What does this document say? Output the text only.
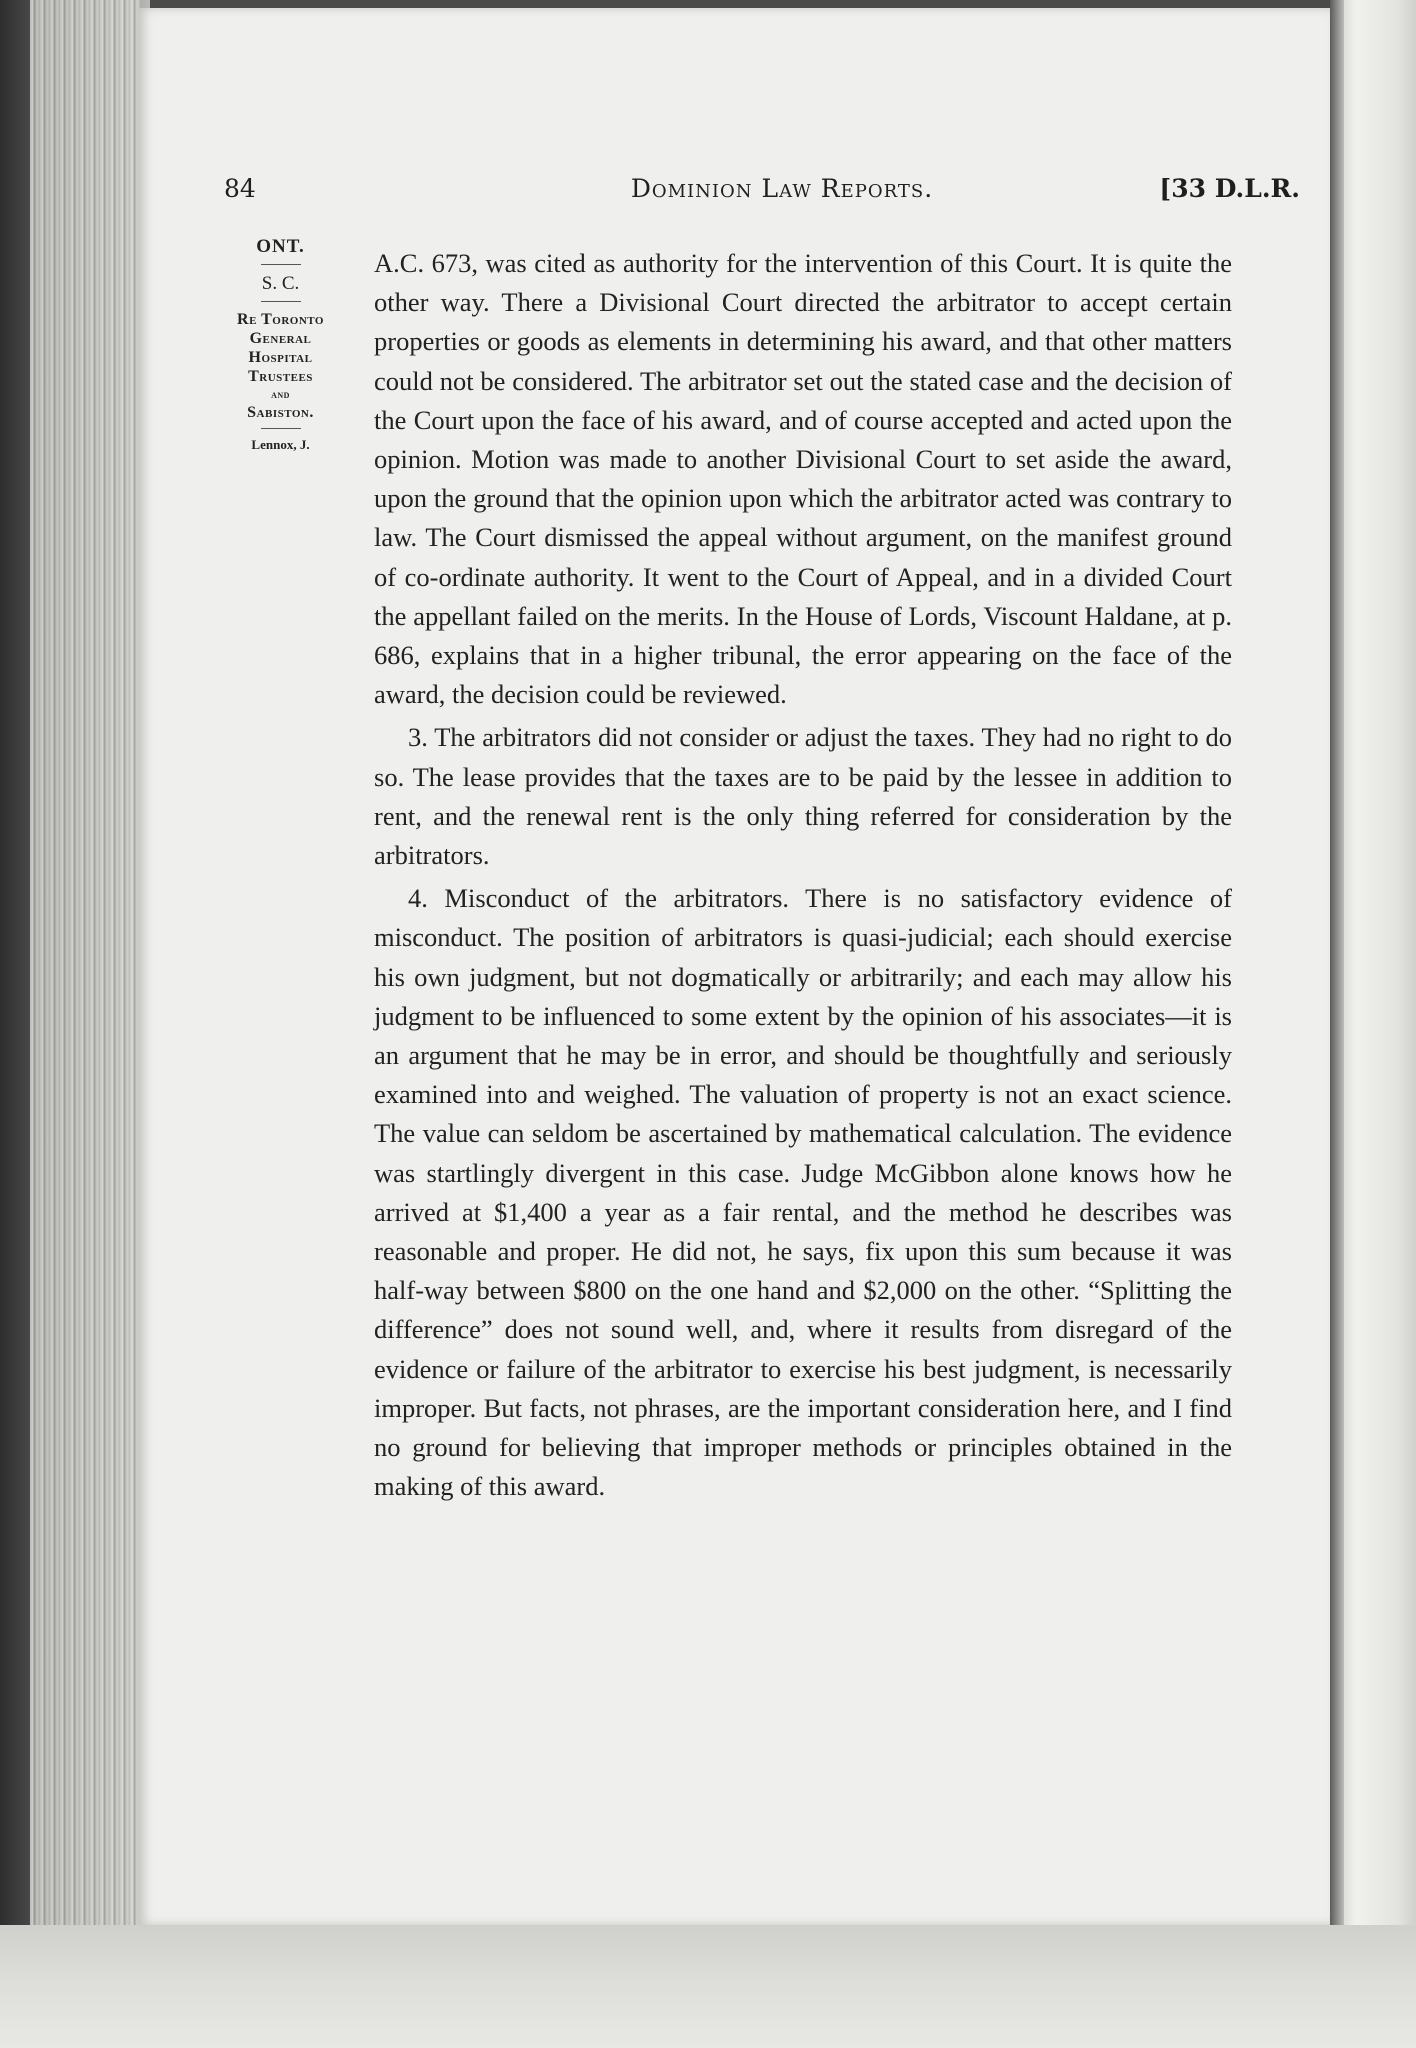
84	Dominion Law Reports.	[33 D.L.R.
ONT.
S. C.
Re Toronto
General
Hospital
Trustees
and
Sabiston.
Lennox, J.

A.C. 673, was cited as authority for the intervention of this Court. It is quite the other way. There a Divisional Court directed the arbitrator to accept certain properties or goods as elements in determining his award, and that other matters could not be considered. The arbitrator set out the stated case and the decision of the Court upon the face of his award, and of course accepted and acted upon the opinion. Motion was made to another Divisional Court to set aside the award, upon the ground that the opinion upon which the arbitrator acted was contrary to law. The Court dismissed the appeal without argument, on the manifest ground of co-ordinate authority. It went to the Court of Appeal, and in a divided Court the appellant failed on the merits. In the House of Lords, Viscount Haldane, at p. 686, explains that in a higher tribunal, the error appearing on the face of the award, the decision could be reviewed.

3. The arbitrators did not consider or adjust the taxes. They had no right to do so. The lease provides that the taxes are to be paid by the lessee in addition to rent, and the renewal rent is the only thing referred for consideration by the arbitrators.

4. Misconduct of the arbitrators. There is no satisfactory evidence of misconduct. The position of arbitrators is quasi-judicial; each should exercise his own judgment, but not dogmatically or arbitrarily; and each may allow his judgment to be influenced to some extent by the opinion of his associates—it is an argument that he may be in error, and should be thoughtfully and seriously examined into and weighed. The valuation of property is not an exact science. The value can seldom be ascertained by mathematical calculation. The evidence was startlingly divergent in this case. Judge McGibbon alone knows how he arrived at $1,400 a year as a fair rental, and the method he describes was reasonable and proper. He did not, he says, fix upon this sum because it was half-way between $800 on the one hand and $2,000 on the other. “Splitting the difference” does not sound well, and, where it results from disregard of the evidence or failure of the arbitrator to exercise his best judgment, is necessarily improper. But facts, not phrases, are the important consideration here, and I find no ground for believing that improper methods or principles obtained in the making of this award.
